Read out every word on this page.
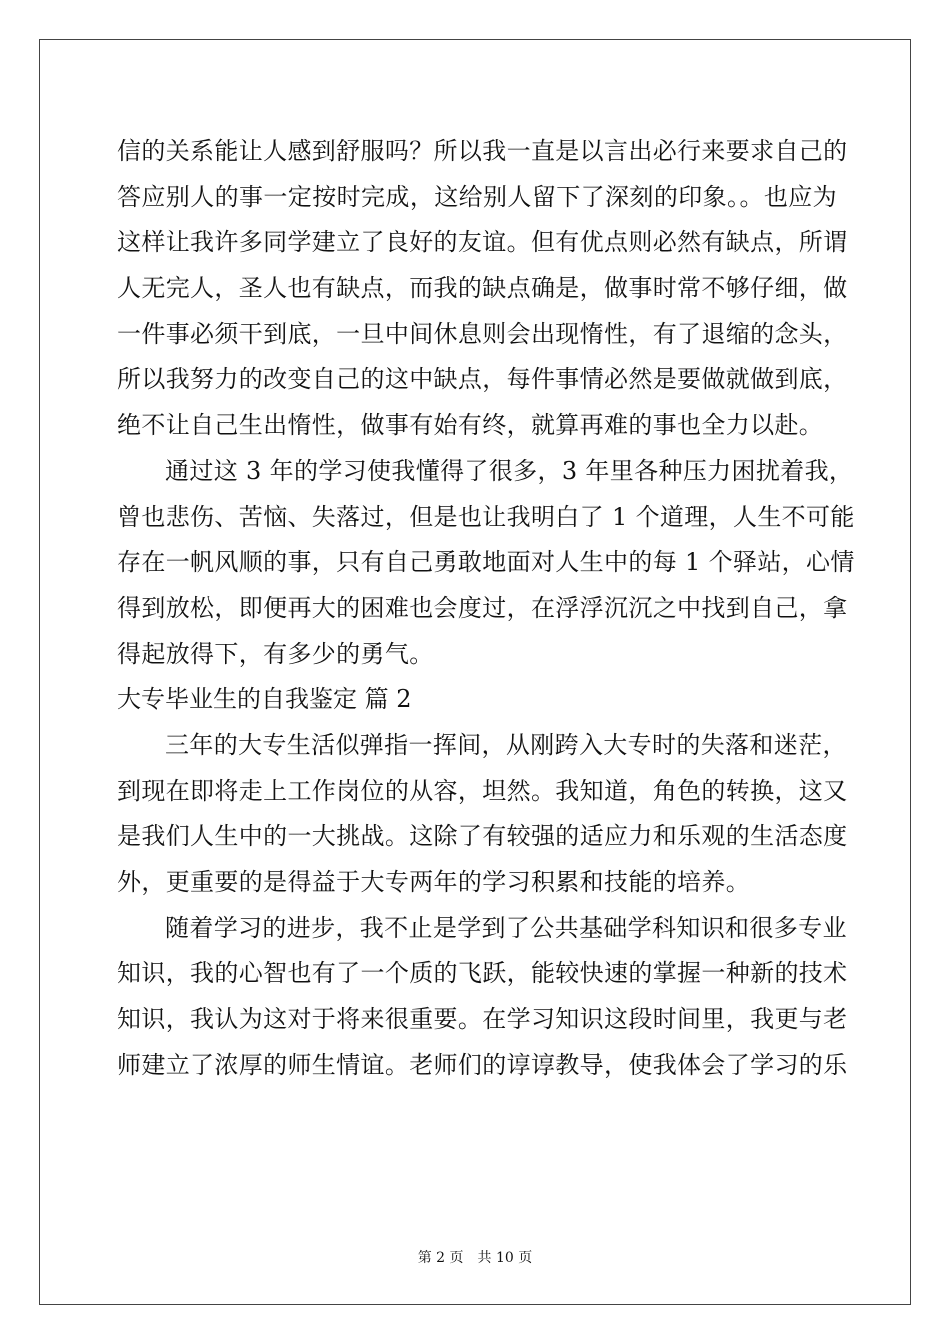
信的关系能让人感到舒服吗？所以我一直是以言出必行来要求自己的
答应别人的事一定按时完成，这给别人留下了深刻的印象。。也应为
这样让我许多同学建立了良好的友谊。但有优点则必然有缺点，所谓
人无完人，圣人也有缺点，而我的缺点确是，做事时常不够仔细，做
一件事必须干到底，一旦中间休息则会出现惰性，有了退缩的念头，
所以我努力的改变自己的这中缺点，每件事情必然是要做就做到底，
绝不让自己生出惰性，做事有始有终，就算再难的事也全力以赴。
通过这 3 年的学习使我懂得了很多，3 年里各种压力困扰着我，
曾也悲伤、苦恼、失落过，但是也让我明白了 1 个道理，人生不可能
存在一帆风顺的事，只有自己勇敢地面对人生中的每 1 个驿站，心情
得到放松，即便再大的困难也会度过，在浮浮沉沉之中找到自己，拿
得起放得下，有多少的勇气。
大专毕业生的自我鉴定 篇 2
三年的大专生活似弹指一挥间，从刚跨入大专时的失落和迷茫，
到现在即将走上工作岗位的从容，坦然。我知道，角色的转换，这又
是我们人生中的一大挑战。这除了有较强的适应力和乐观的生活态度
外，更重要的是得益于大专两年的学习积累和技能的培养。
随着学习的进步，我不止是学到了公共基础学科知识和很多专业
知识，我的心智也有了一个质的飞跃，能较快速的掌握一种新的技术
知识，我认为这对于将来很重要。在学习知识这段时间里，我更与老
师建立了浓厚的师生情谊。老师们的谆谆教导，使我体会了学习的乐
第 2 页 共 10 页
